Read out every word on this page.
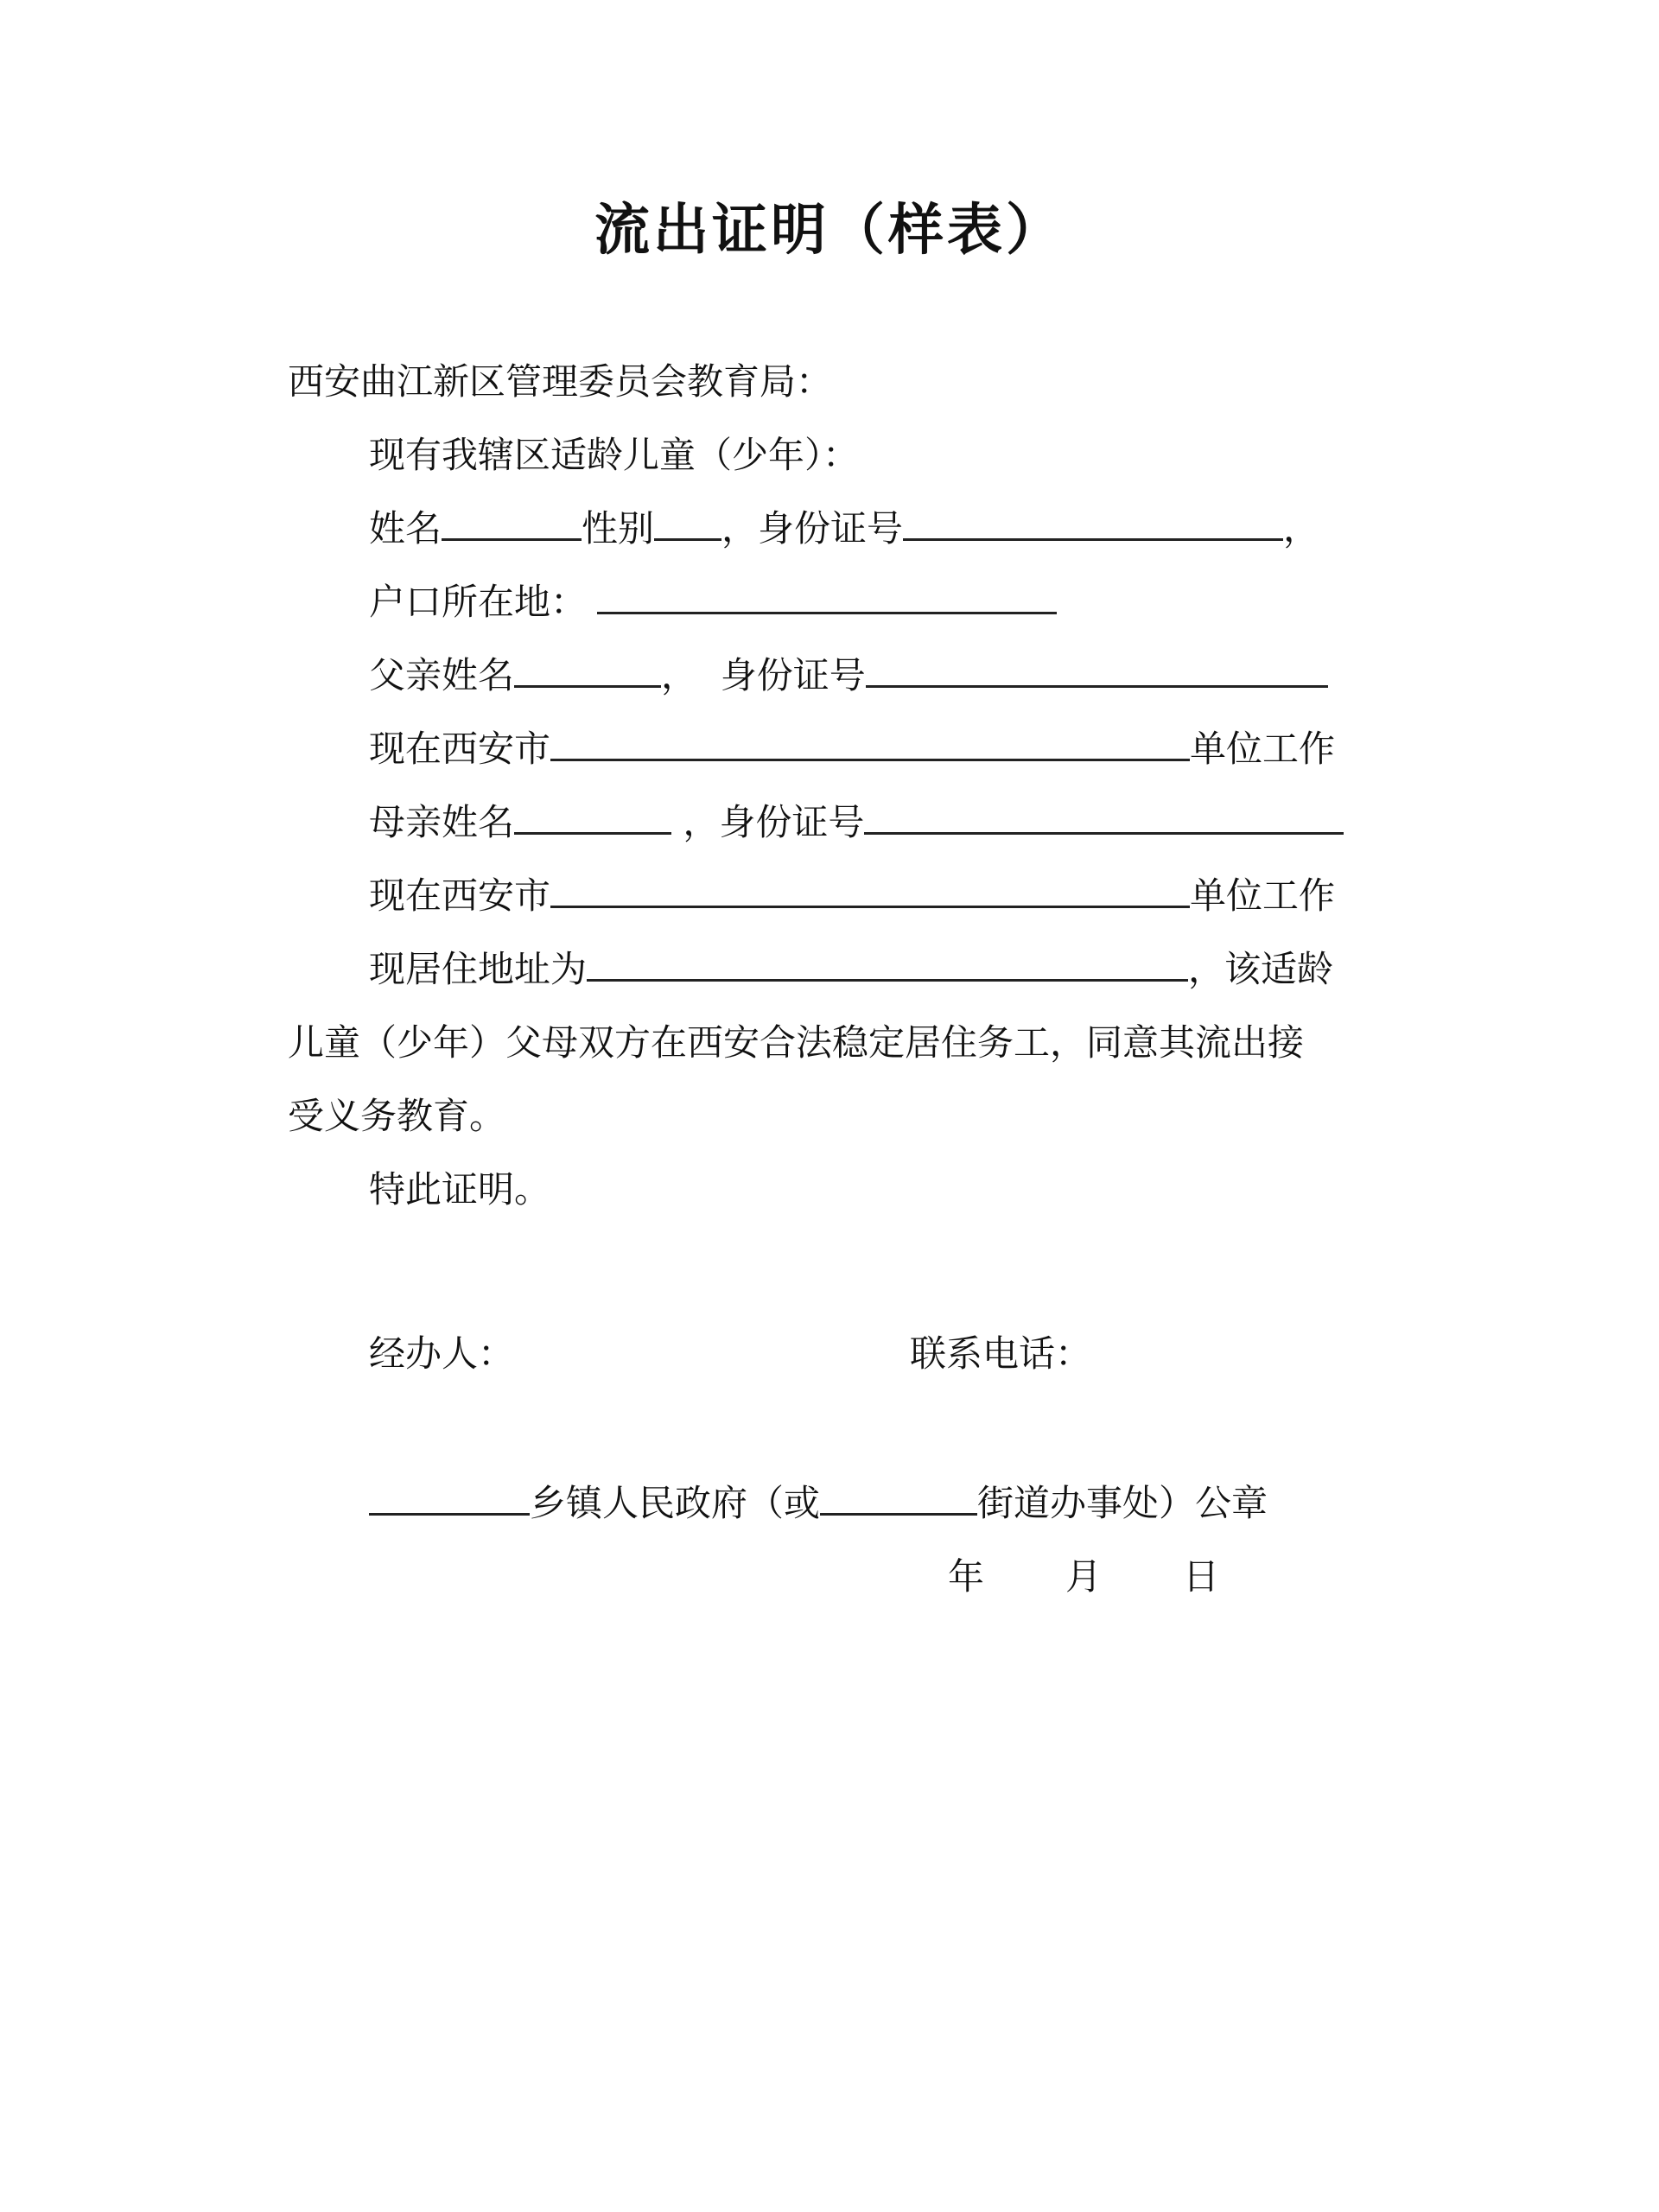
流出证明（样表）
西安曲江新区管理委员会教育局：
现有我辖区适龄儿童（少年）：
姓名	性别 ，身份证号	，
户口所在地：
父亲姓名	，  身份证号
现在西安市	单位工作
母亲姓名	，身份证号
现在西安市	单位工作
现居住地址为	，该适龄
儿童（少年）父母双方在西安合法稳定居住务工，同意其流出接
受义务教育。
特此证明。
经办人：	联系电话：
乡镇人民政府（或	街道办事处）公章
年 月 日
